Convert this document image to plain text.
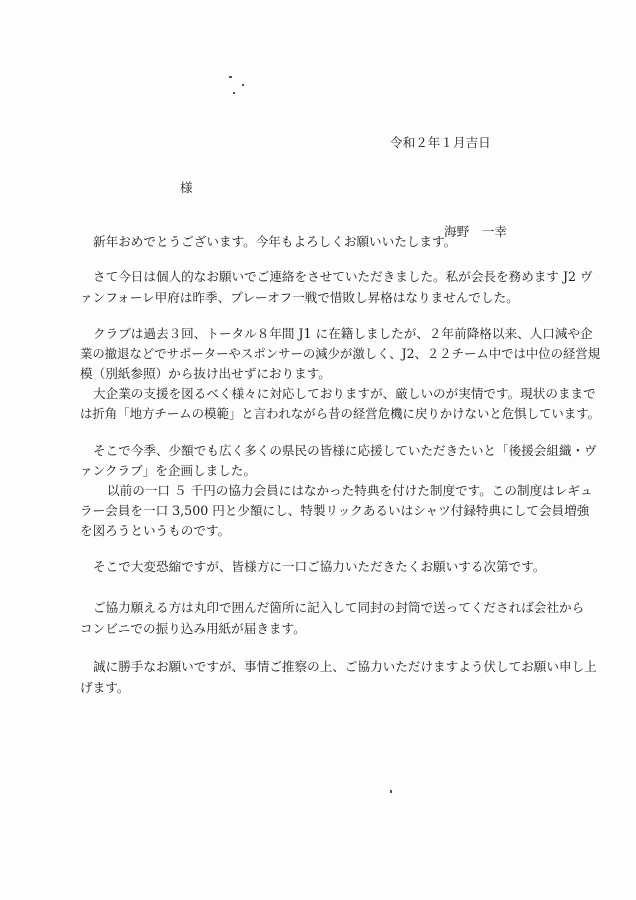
令和２年１月吉日
様
海野　一幸
新年おめでとうございます。今年もよろしくお願いいたします。
さて今日は個人的なお願いでご連絡をさせていただきました。私が会長を務めます J2 ヴ
ァンフォーレ甲府は昨季、プレーオフ一戦で惜敗し昇格はなりませんでした。
クラブは過去３回、トータル８年間 J1 に在籍しましたが、２年前降格以来、人口減や企
業の撤退などでサポーターやスポンサーの減少が激しく、J2、２２チーム中では中位の経営規
模（別紙参照）から抜け出せずにおります。
大企業の支援を図るべく様々に対応しておりますが、厳しいのが実情です。現状のままで
は折角「地方チームの模範」と言われながら昔の経営危機に戻りかけないと危惧しています。
そこで今季、少額でも広く多くの県民の皆様に応援していただきたいと「後援会組織・ヴ
ァンクラブ」を企画しました。
以前の一口 ５ 千円の協力会員にはなかった特典を付けた制度です。この制度はレギュ
ラー会員を一口 3,500 円と少額にし、特製リックあるいはシャツ付録特典にして会員増強
を図ろうというものです。
そこで大変恐縮ですが、皆様方に一口ご協力いただきたくお願いする次第です。
ご協力願える方は丸印で囲んだ箇所に記入して同封の封筒で送ってくだされば会社から
コンビニでの振り込み用紙が届きます。
誠に勝手なお願いですが、事情ご推察の上、ご協力いただけますよう伏してお願い申し上
げます。
